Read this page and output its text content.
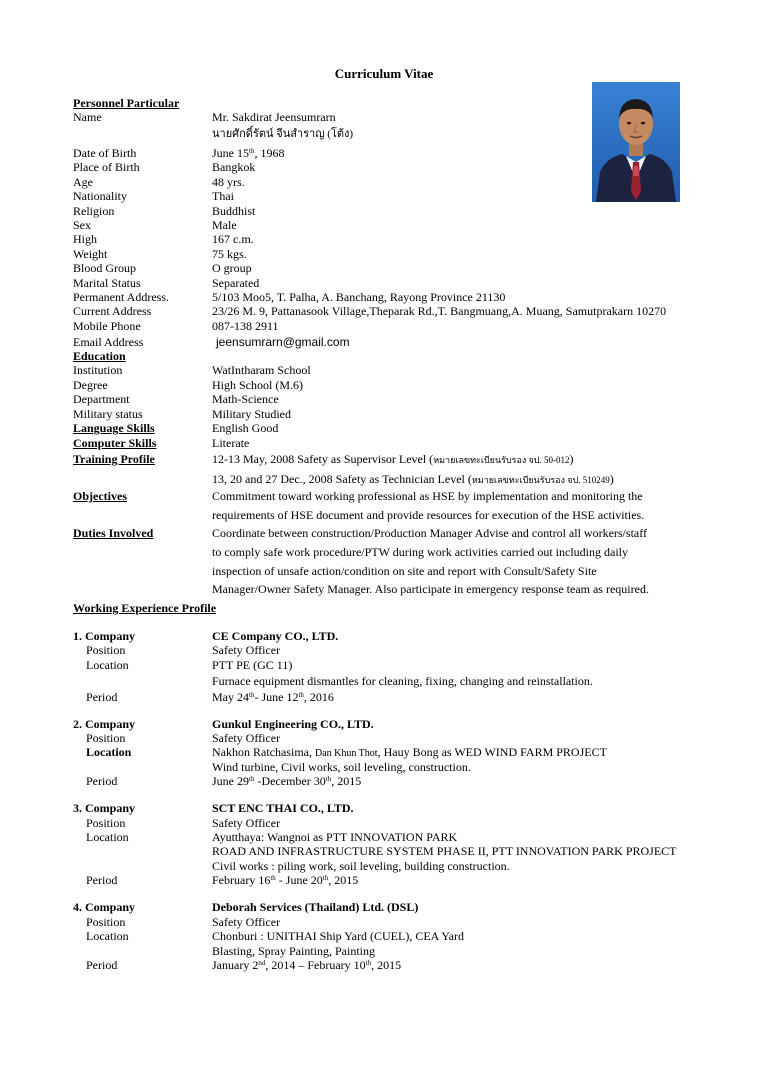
Curriculum Vitae
Personnel Particular
Name	Mr. Sakdirat Jeensumrarn
นายศักดิ์รัตน์ จีนสำราญ (โต้ง)
Date of Birth	June 15th, 1968
Place of Birth	Bangkok
Age	48 yrs.
Nationality	Thai
Religion	Buddhist
Sex	Male
High	167 c.m.
Weight	75 kgs.
Blood Group	O group
Marital Status	Separated
Permanent Address.	5/103 Moo5, T. Palha, A. Banchang, Rayong Province 21130
Current Address	23/26 M. 9, Pattanasook Village,Theparak Rd.,T. Bangmuang,A. Muang, Samutprakarn 10270
Mobile Phone	087-138 2911
Email Address	jeensumrarn@gmail.com
Education
Institution	WatIntharam School
Degree	High School (M.6)
Department	Math-Science
Military status	Military Studied
Language Skills	English Good
Computer Skills	Literate
Training Profile	12-13 May, 2008 Safety as Supervisor Level (หมายเลขทะเบียนรับรอง จป. 50-012)
13, 20 and 27 Dec., 2008 Safety as Technician Level (หมายเลขทะเบียนรับรอง จป. 510249)
Objectives	Commitment toward working professional as HSE by implementation and monitoring the
requirements of HSE document and provide resources for execution of the HSE activities.
Duties Involved	Coordinate between construction/Production Manager Advise and control all workers/staff
to comply safe work procedure/PTW during work activities carried out including daily
inspection of unsafe action/condition on site and report with Consult/Safety Site
Manager/Owner Safety Manager. Also participate in emergency response team as required.
Working Experience Profile
1. Company	CE Company CO., LTD.
Position	Safety Officer
Location	PTT PE (GC 11)
Furnace equipment dismantles for cleaning, fixing, changing and reinstallation.
Period	May 24th- June 12th, 2016
2. Company	Gunkul Engineering CO., LTD.
Position	Safety Officer
Location	Nakhon Ratchasima, Dan Khun Thot, Hauy Bong as WED WIND FARM PROJECT
Wind turbine, Civil works, soil leveling, construction.
Period	June 29th -December 30th, 2015
3. Company	SCT ENC THAI CO., LTD.
Position	Safety Officer
Location	Ayutthaya: Wangnoi as PTT INNOVATION PARK
ROAD AND INFRASTRUCTURE SYSTEM PHASE II, PTT INNOVATION PARK PROJECT
Civil works : piling work, soil leveling, building construction.
Period	February 16th - June 20th, 2015
4. Company	Deborah Services (Thailand) Ltd. (DSL)
Position	Safety Officer
Location	Chonburi : UNITHAI Ship Yard (CUEL), CEA Yard
Blasting, Spray Painting, Painting
Period	January 2nd, 2014 – February 10th, 2015
